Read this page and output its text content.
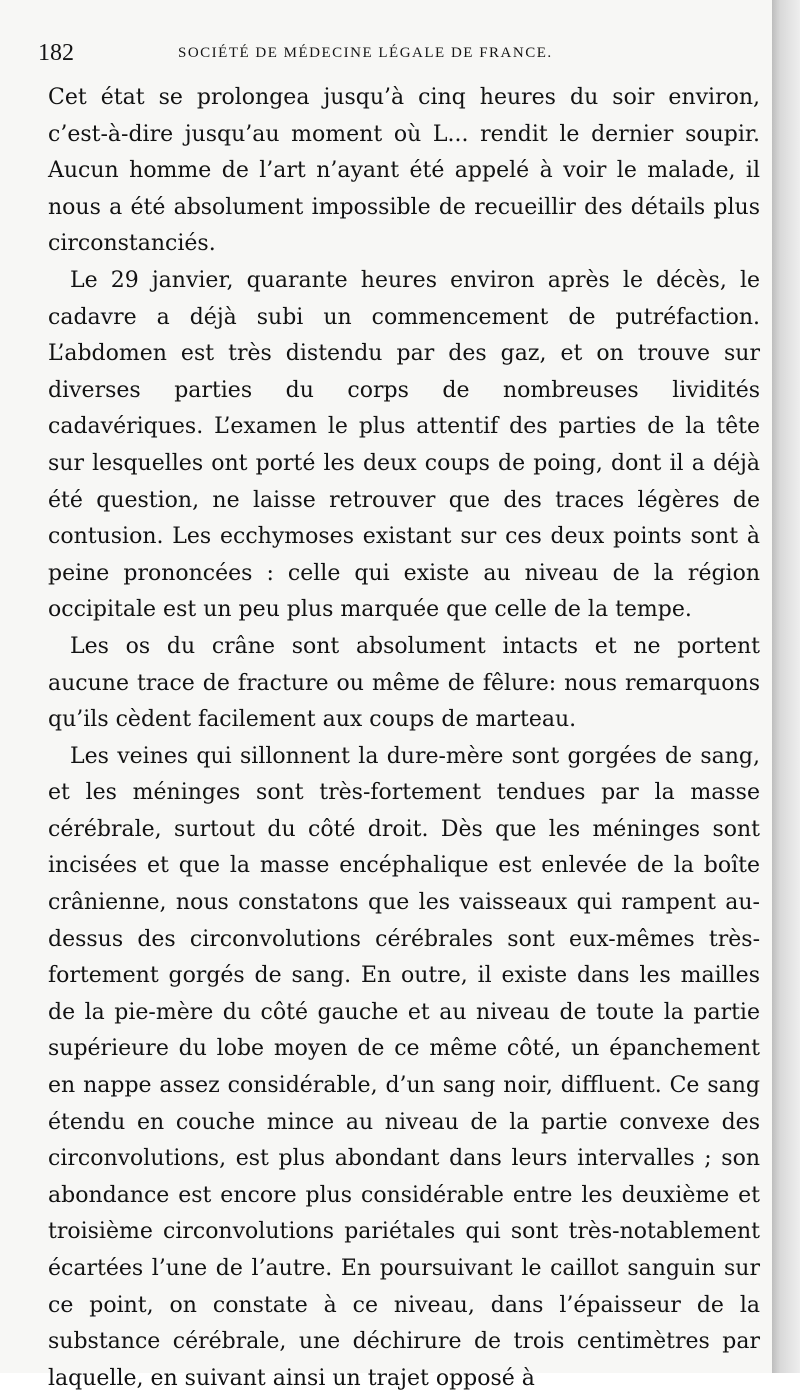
182	SOCIÉTÉ DE MÉDECINE LÉGALE DE FRANCE.

Cet état se prolongea jusqu’à cinq heures du soir environ, c’est-à-dire jusqu’au moment où L... rendit le dernier soupir. Aucun homme de l’art n’ayant été appelé à voir le malade, il nous a été absolument impossible de recueillir des détails plus circonstanciés.

Le 29 janvier, quarante heures environ après le décès, le cadavre a déjà subi un commencement de putréfaction. L’abdomen est très distendu par des gaz, et on trouve sur diverses parties du corps de nombreuses lividités cadavériques. L’examen le plus attentif des parties de la tête sur lesquelles ont porté les deux coups de poing, dont il a déjà été question, ne laisse retrouver que des traces légères de contusion. Les ecchymoses existant sur ces deux points sont à peine prononcées : celle qui existe au niveau de la région occipitale est un peu plus marquée que celle de la tempe.

Les os du crâne sont absolument intacts et ne portent aucune trace de fracture ou même de fêlure: nous remarquons qu’ils cèdent facilement aux coups de marteau.

Les veines qui sillonnent la dure-mère sont gorgées de sang, et les méninges sont très-fortement tendues par la masse cérébrale, surtout du côté droit. Dès que les méninges sont incisées et que la masse encéphalique est enlevée de la boîte crânienne, nous constatons que les vaisseaux qui rampent au-dessus des circonvolutions cérébrales sont eux-mêmes très-fortement gorgés de sang. En outre, il existe dans les mailles de la pie-mère du côté gauche et au niveau de toute la partie supérieure du lobe moyen de ce même côté, un épanchement en nappe assez considérable, d’un sang noir, diffluent. Ce sang étendu en couche mince au niveau de la partie convexe des circonvolutions, est plus abondant dans leurs intervalles ; son abondance est encore plus considérable entre les deuxième et troisième circonvolutions pariétales qui sont très-notablement écartées l’une de l’autre. En poursuivant le caillot sanguin sur ce point, on constate à ce niveau, dans l’épaisseur de la substance cérébrale, une déchirure de trois centimètres par laquelle, en suivant ainsi un trajet opposé à
